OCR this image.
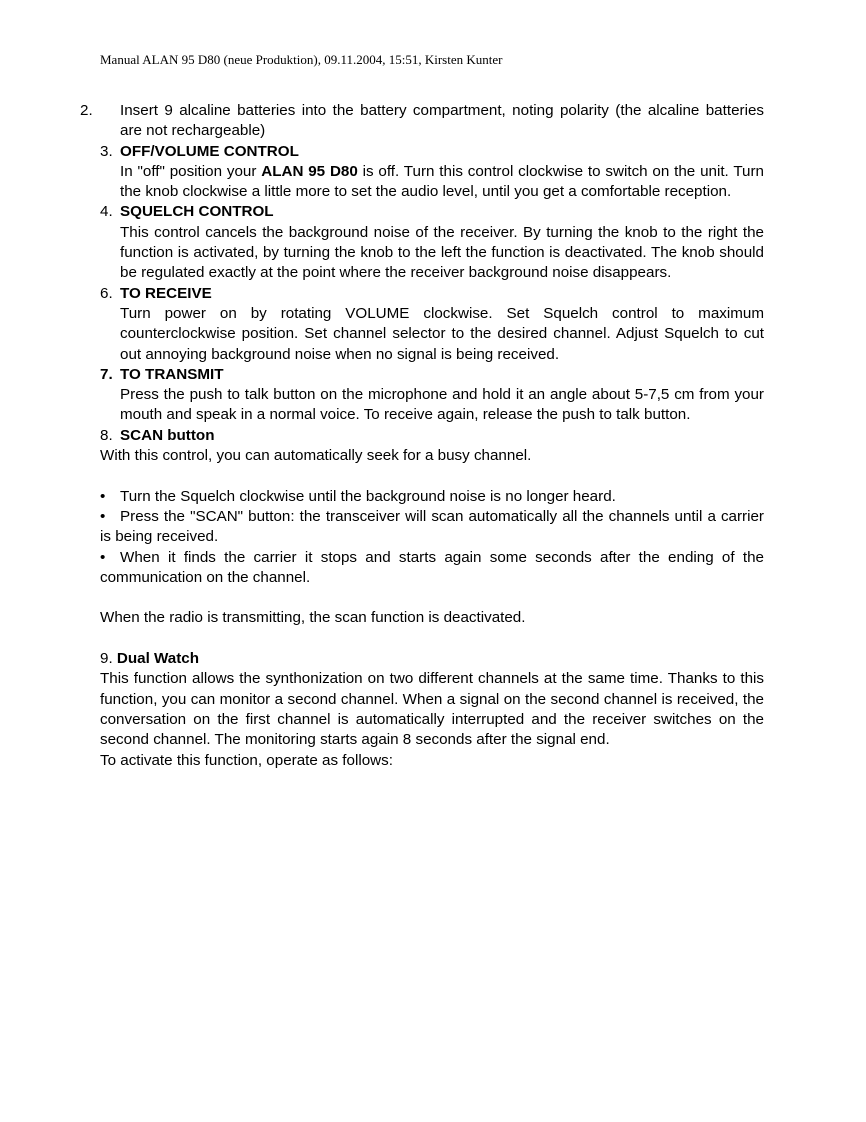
Manual ALAN 95 D80 (neue Produktion), 09.11.2004, 15:51, Kirsten Kunter
2. Insert 9 alcaline batteries into the battery compartment, noting polarity (the alcaline batteries are not rechargeable)
3. OFF/VOLUME CONTROL
In "off" position your ALAN 95 D80 is off. Turn this control clockwise to switch on the unit. Turn the knob clockwise a little more to set the audio level, until you get a comfortable reception.
4. SQUELCH CONTROL
This control cancels the background noise of the receiver. By turning the knob to the right the function is activated, by turning the knob to the left the function is deactivated. The knob should be regulated exactly at the point where the receiver background noise disappears.
6. TO RECEIVE
Turn power on by rotating VOLUME clockwise. Set Squelch control to maximum counterclockwise position. Set channel selector to the desired channel. Adjust Squelch to cut out annoying background noise when no signal is being received.
7. TO TRANSMIT
Press the push to talk button on the microphone and hold it an angle about 5-7,5 cm from your mouth and speak in a normal voice. To receive again, release the push to talk button.
8. SCAN button
With this control, you can automatically seek for a busy channel.
• Turn the Squelch clockwise until the background noise is no longer heard.
• Press the "SCAN" button: the transceiver will scan automatically all the channels until a carrier is being received.
• When it finds the carrier it stops and starts again some seconds after the ending of the communication on the channel.
When the radio is transmitting, the scan function is deactivated.
9. Dual Watch
This function allows the synthonization on two different channels at the same time. Thanks to this function, you can monitor a second channel. When a signal on the second channel is received, the conversation on the first channel is automatically interrupted and the receiver switches on the second channel. The monitoring starts again 8 seconds after the signal end.
To activate this function, operate as follows:
